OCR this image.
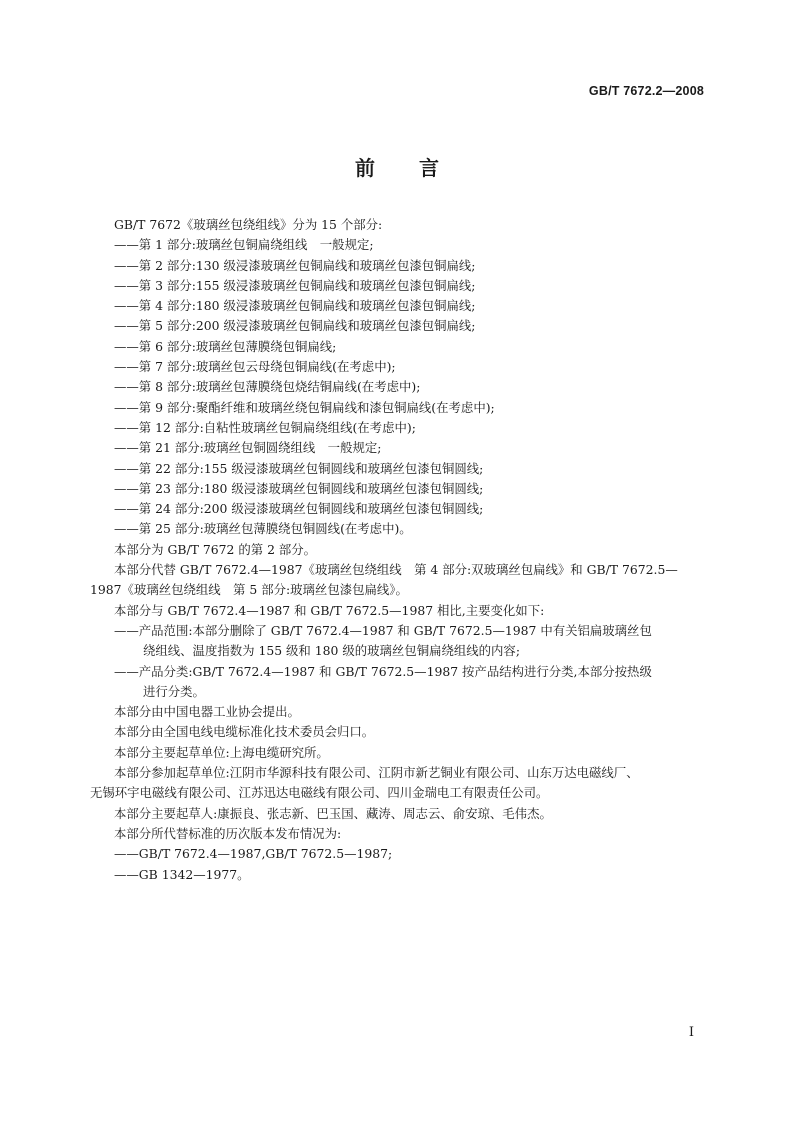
GB/T 7672.2—2008
前言
GB/T 7672《玻璃丝包绕组线》分为 15 个部分:
——第 1 部分:玻璃丝包铜扁绕组线　一般规定;
——第 2 部分:130 级浸漆玻璃丝包铜扁线和玻璃丝包漆包铜扁线;
——第 3 部分:155 级浸漆玻璃丝包铜扁线和玻璃丝包漆包铜扁线;
——第 4 部分:180 级浸漆玻璃丝包铜扁线和玻璃丝包漆包铜扁线;
——第 5 部分:200 级浸漆玻璃丝包铜扁线和玻璃丝包漆包铜扁线;
——第 6 部分:玻璃丝包薄膜绕包铜扁线;
——第 7 部分:玻璃丝包云母绕包铜扁线(在考虑中);
——第 8 部分:玻璃丝包薄膜绕包烧结铜扁线(在考虑中);
——第 9 部分:聚酯纤维和玻璃丝绕包铜扁线和漆包铜扁线(在考虑中);
——第 12 部分:自粘性玻璃丝包铜扁绕组线(在考虑中);
——第 21 部分:玻璃丝包铜圆绕组线　一般规定;
——第 22 部分:155 级浸漆玻璃丝包铜圆线和玻璃丝包漆包铜圆线;
——第 23 部分:180 级浸漆玻璃丝包铜圆线和玻璃丝包漆包铜圆线;
——第 24 部分:200 级浸漆玻璃丝包铜圆线和玻璃丝包漆包铜圆线;
——第 25 部分:玻璃丝包薄膜绕包铜圆线(在考虑中)。
本部分为 GB/T 7672 的第 2 部分。
本部分代替 GB/T 7672.4—1987《玻璃丝包绕组线　第 4 部分:双玻璃丝包扁线》和 GB/T 7672.5—
1987《玻璃丝包绕组线　第 5 部分:玻璃丝包漆包扁线》。
本部分与 GB/T 7672.4—1987 和 GB/T 7672.5—1987 相比,主要变化如下:
——产品范围:本部分删除了 GB/T 7672.4—1987 和 GB/T 7672.5—1987 中有关铝扁玻璃丝包
绕组线、温度指数为 155 级和 180 级的玻璃丝包铜扁绕组线的内容;
——产品分类:GB/T 7672.4—1987 和 GB/T 7672.5—1987 按产品结构进行分类,本部分按热级
进行分类。
本部分由中国电器工业协会提出。
本部分由全国电线电缆标准化技术委员会归口。
本部分主要起草单位:上海电缆研究所。
本部分参加起草单位:江阴市华源科技有限公司、江阴市新艺铜业有限公司、山东万达电磁线厂、
无锡环宇电磁线有限公司、江苏迅达电磁线有限公司、四川金瑞电工有限责任公司。
本部分主要起草人:康振良、张志新、巴玉国、藏涛、周志云、俞安琼、毛伟杰。
本部分所代替标准的历次版本发布情况为:
——GB/T 7672.4—1987,GB/T 7672.5—1987;
——GB 1342—1977。
I
